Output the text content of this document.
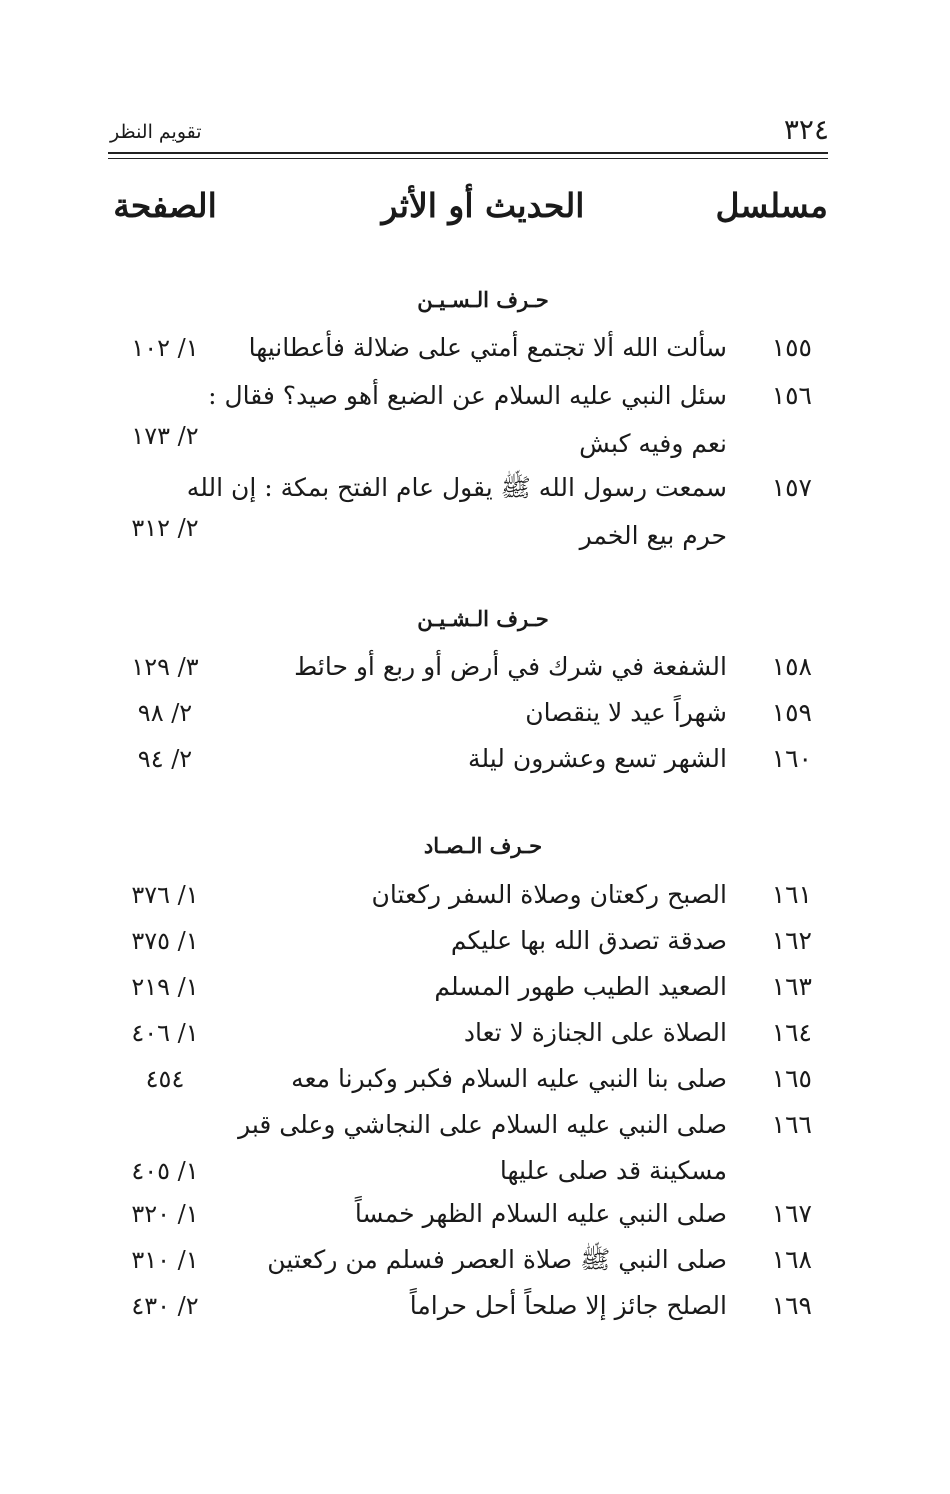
٣٢٤
تقويم النظر
مسلسل
الحديث أو الأثر
الصفحة
حـرف الـسـيـن
١٥٥
سألت الله ألا تجتمع أمتي على ضلالة فأعطانيها
١/ ١٠٢
١٥٦
سئل النبي عليه السلام عن الضبع أهو صيد؟ فقال :
نعم وفيه كبش
٢/ ١٧٣
١٥٧
سمعت رسول الله ﷺ يقول عام الفتح بمكة : إن الله
حرم بيع الخمر
٢/ ٣١٢
حـرف الـشـيـن
١٥٨
الشفعة في شرك في أرض أو ربع أو حائط
٣/ ١٢٩
١٥٩
شهراً عيد لا ينقصان
٢/ ٩٨
١٦٠
الشهر تسع وعشرون ليلة
٢/ ٩٤
حـرف الـصـاد
١٦١
الصبح ركعتان وصلاة السفر ركعتان
١/ ٣٧٦
١٦٢
صدقة تصدق الله بها عليكم
١/ ٣٧٥
١٦٣
الصعيد الطيب طهور المسلم
١/ ٢١٩
١٦٤
الصلاة على الجنازة لا تعاد
١/ ٤٠٦
١٦٥
صلى بنا النبي عليه السلام فكبر وكبرنا معه
٤٥٤
١٦٦
صلى النبي عليه السلام على النجاشي وعلى قبر
مسكينة قد صلى عليها
١/ ٤٠٥
١٦٧
صلى النبي عليه السلام الظهر خمساً
١/ ٣٢٠
١٦٨
صلى النبي ﷺ صلاة العصر فسلم من ركعتين
١/ ٣١٠
١٦٩
الصلح جائز إلا صلحاً أحل حراماً
٢/ ٤٣٠
